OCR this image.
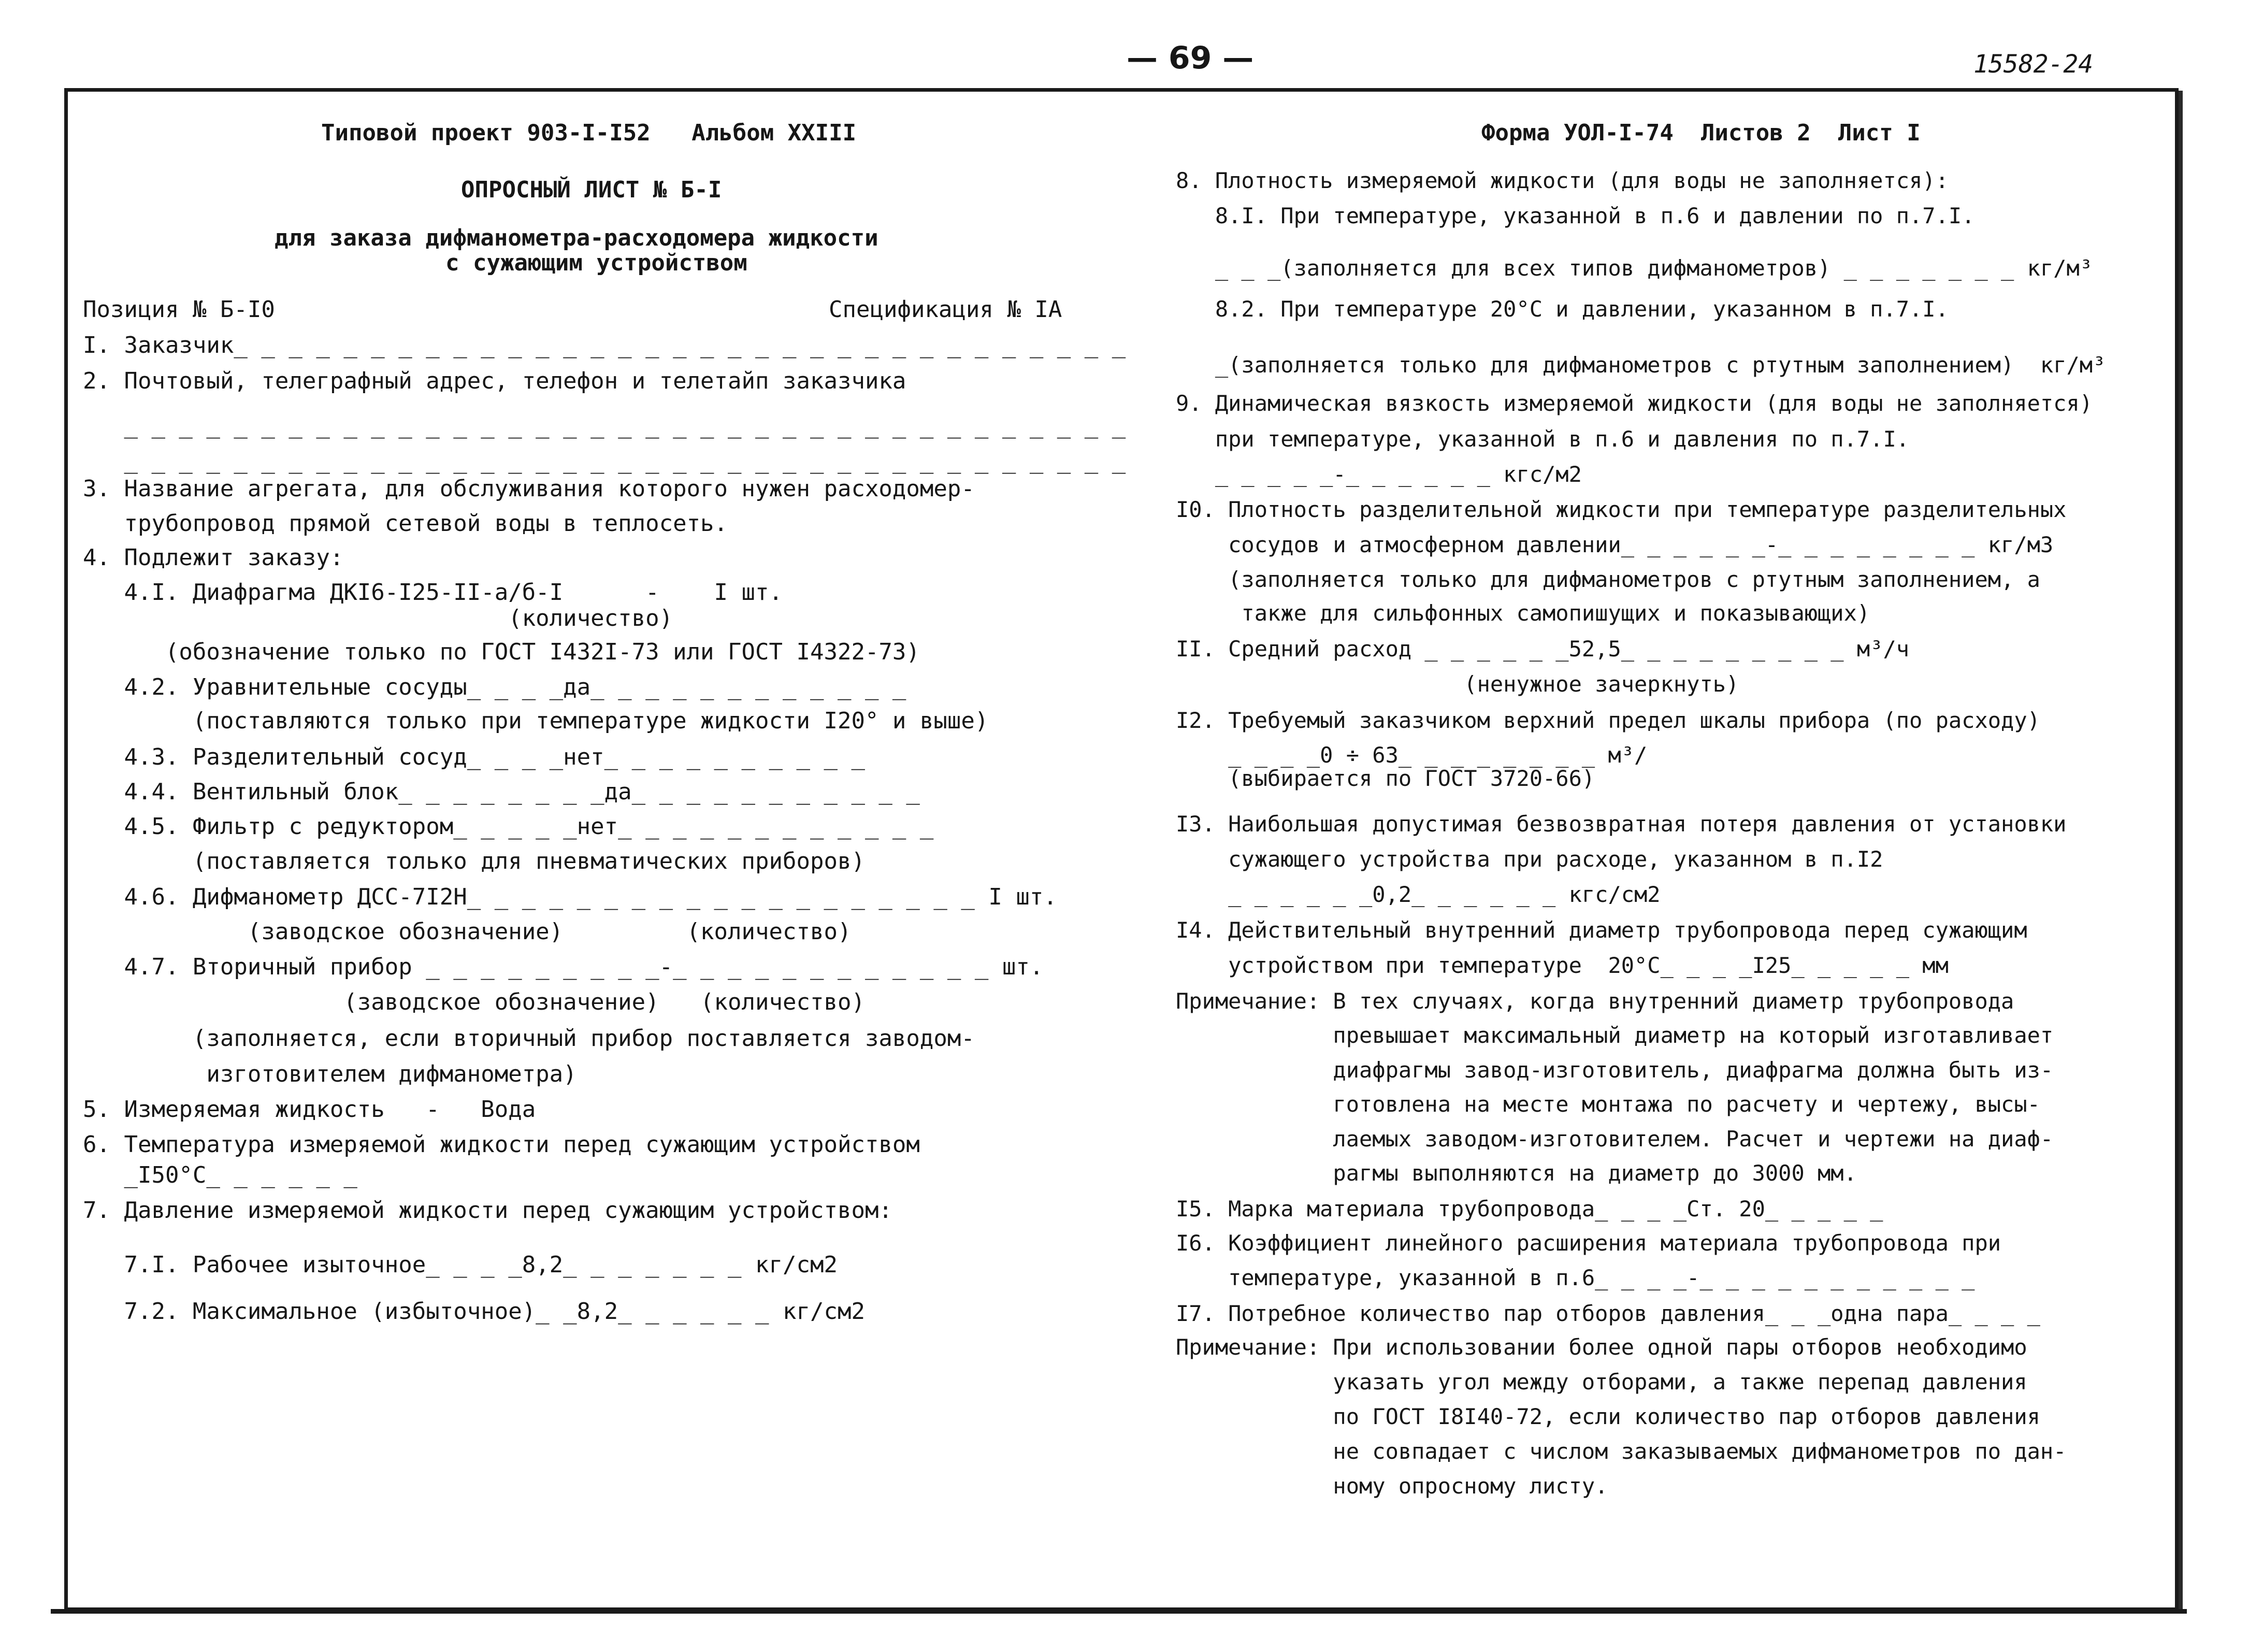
— 69 —	15582-24
Типовой проект 903-I-I52   Альбом XXIII
ОПРОСНЫЙ ЛИСТ № Б-I
для заказа дифманометра-расходомера жидкости
с сужающим устройством
Позиция № Б-I0	Спецификация № IA
I. Заказчик_ _ _ _ _ _ _ _ _ _ _ _ _ _ _ _ _ _ _ _ _ _ _ _ _ _ _ _ _ _ _ _ _
2. Почтовый, телеграфный адрес, телефон и телетайп заказчика
_ _ _ _ _ _ _ _ _ _ _ _ _ _ _ _ _ _ _ _ _ _ _ _ _ _ _ _ _ _ _ _ _ _ _ _ _
_ _ _ _ _ _ _ _ _ _ _ _ _ _ _ _ _ _ _ _ _ _ _ _ _ _ _ _ _ _ _ _ _ _ _ _ _
3. Название агрегата, для обслуживания которого нужен расходомер-
трубопровод прямой сетевой воды в теплосеть.
4. Подлежит заказу:
4.I. Диафрагма ДКI6-I25-II-а/б-I      -    I шт.
(количество)
(обозначение только по ГОСТ I432I-73 или ГОСТ I4322-73)
4.2. Уравнительные сосуды_ _ _ _да_ _ _ _ _ _ _ _ _ _ _ _
(поставляются только при температуре жидкости I20° и выше)
4.3. Разделительный сосуд_ _ _ _нет_ _ _ _ _ _ _ _ _ _
4.4. Вентильный блок_ _ _ _ _ _ _ _да_ _ _ _ _ _ _ _ _ _ _
4.5. Фильтр с редуктором_ _ _ _ _нет_ _ _ _ _ _ _ _ _ _ _ _
(поставляется только для пневматических приборов)
4.6. Дифманометр ДСС-7I2Н_ _ _ _ _ _ _ _ _ _ _ _ _ _ _ _ _ _ _ I шт.
(заводское обозначение)         (количество)
4.7. Вторичный прибор _ _ _ _ _ _ _ _ _-_ _ _ _ _ _ _ _ _ _ _ _ шт.
(заводское обозначение)   (количество)
(заполняется, если вторичный прибор поставляется заводом-
изготовителем дифманометра)
5. Измеряемая жидкость   -   Вода
6. Температура измеряемой жидкости перед сужающим устройством
_I50°С_ _ _ _ _ _
7. Давление измеряемой жидкости перед сужающим устройством:
7.I. Рабочее изыточное_ _ _ _8,2_ _ _ _ _ _ _ кг/см2
7.2. Максимальное (избыточное)_ _8,2_ _ _ _ _ _ кг/см2
Форма УОЛ-I-74  Листов 2  Лист I
8. Плотность измеряемой жидкости (для воды не заполняется):
8.I. При температуре, указанной в п.6 и давлении по п.7.I.
_ _ _(заполняется для всех типов дифманометров) _ _ _ _ _ _ _ кг/м³
8.2. При температуре 20°С и давлении, указанном в п.7.I.
_(заполняется только для дифманометров с ртутным заполнением)  кг/м³
9. Динамическая вязкость измеряемой жидкости (для воды не заполняется)
при температуре, указанной в п.6 и давления по п.7.I.
_ _ _ _ _-_ _ _ _ _ _ кгс/м2
I0. Плотность разделительной жидкости при температуре разделительных
сосудов и атмосферном давлении_ _ _ _ _ _-_ _ _ _ _ _ _ _ кг/м3
(заполняется только для дифманометров с ртутным заполнением, а
также для сильфонных самопишущих и показывающих)
II. Средний расход _ _ _ _ _ _52,5_ _ _ _ _ _ _ _ _ м³/ч
(ненужное зачеркнуть)
I2. Требуемый заказчиком верхний предел шкалы прибора (по расходу)
_ _ _ _0 ÷ 63_ _ _ _ _ _ _ _ м³/
(выбирается по ГОСТ 3720-66)
I3. Наибольшая допустимая безвозвратная потеря давления от установки
сужающего устройства при расходе, указанном в п.I2
_ _ _ _ _ _0,2_ _ _ _ _ _ кгс/см2
I4. Действительный внутренний диаметр трубопровода перед сужающим
устройством при температуре  20°С_ _ _ _I25_ _ _ _ _ мм
Примечание: В тех случаях, когда внутренний диаметр трубопровода
превышает максимальный диаметр на который изготавливает
диафрагмы завод-изготовитель, диафрагма должна быть из-
готовлена на месте монтажа по расчету и чертежу, высы-
лаемых заводом-изготовителем. Расчет и чертежи на диаф-
рагмы выполняются на диаметр до 3000 мм.
I5. Марка материала трубопровода_ _ _ _Ст. 20_ _ _ _ _
I6. Коэффициент линейного расширения материала трубопровода при
температуре, указанной в п.6_ _ _ _-_ _ _ _ _ _ _ _ _ _ _
I7. Потребное количество пар отборов давления_ _ _одна пара_ _ _ _
Примечание: При использовании более одной пары отборов необходимо
указать угол между отборами, а также перепад давления
по ГОСТ I8I40-72, если количество пар отборов давления
не совпадает с числом заказываемых дифманометров по дан-
ному опросному листу.
